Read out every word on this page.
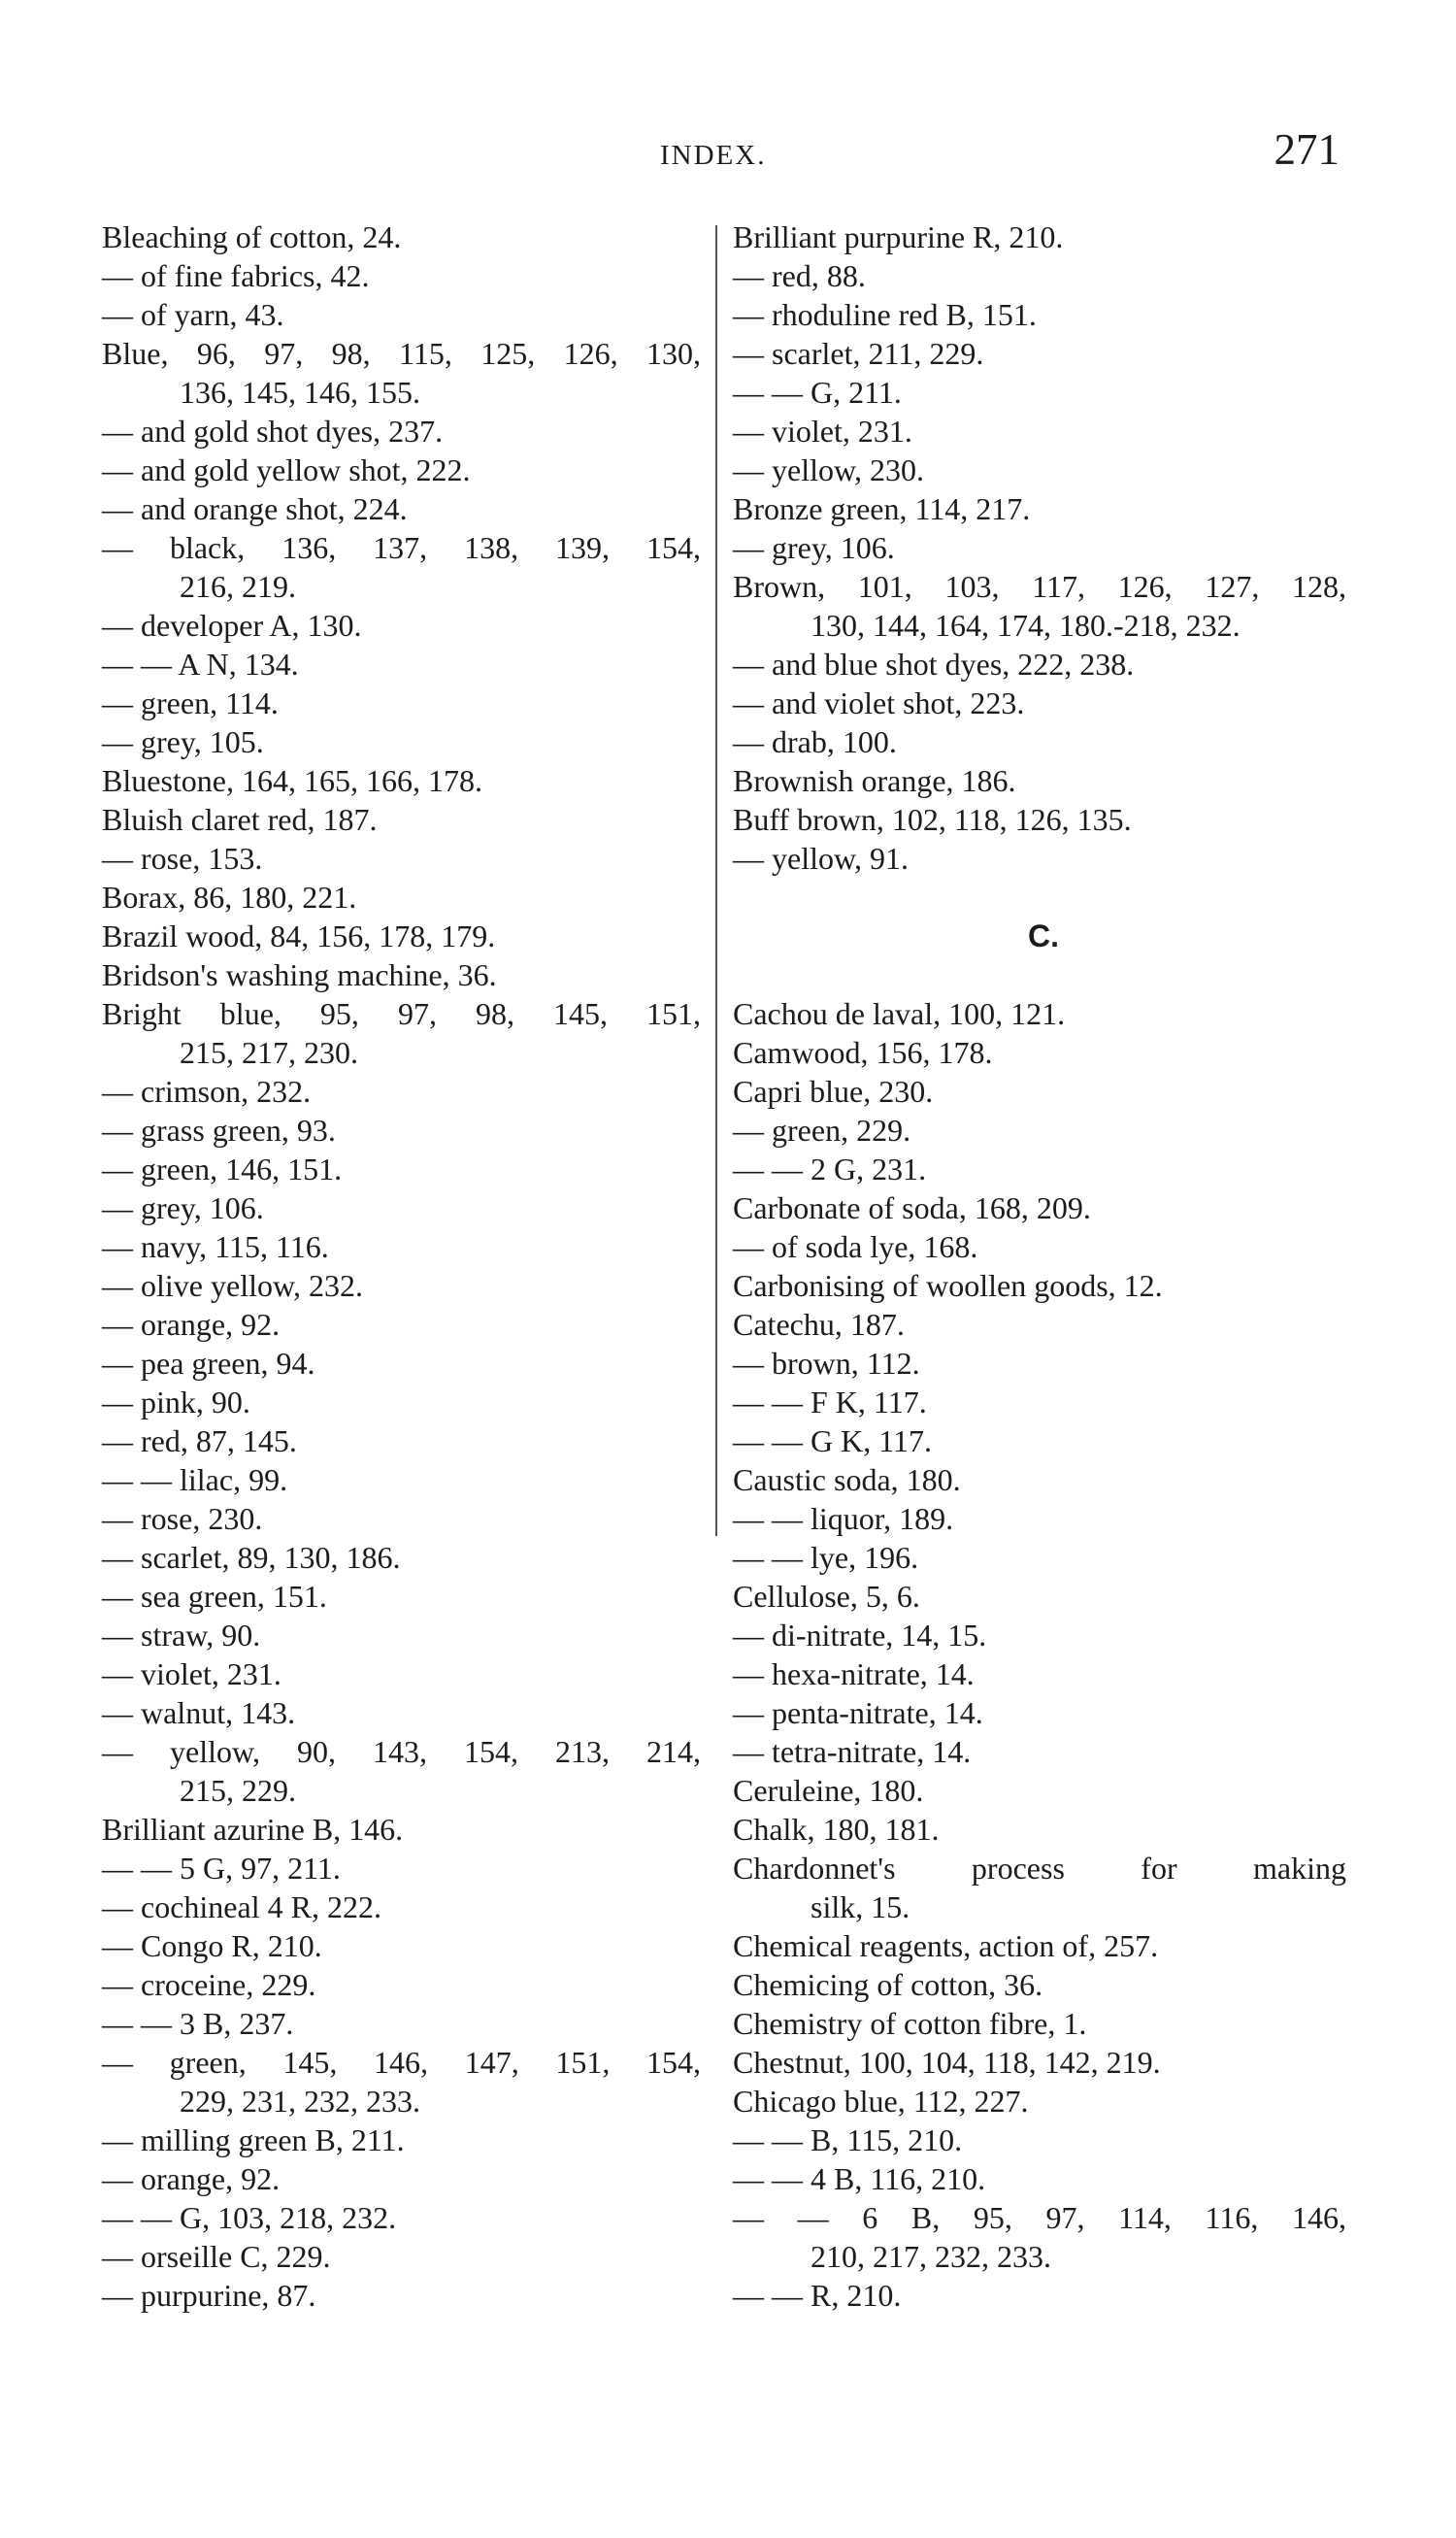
INDEX.	271
Bleaching of cotton, 24.
— of fine fabrics, 42.
— of yarn, 43.
Blue, 96, 97, 98, 115, 125, 126, 130,
136, 145, 146, 155.
— and gold shot dyes, 237.
— and gold yellow shot, 222.
— and orange shot, 224.
— black, 136, 137, 138, 139, 154,
216, 219.
— developer A, 130.
— — A N, 134.
— green, 114.
— grey, 105.
Bluestone, 164, 165, 166, 178.
Bluish claret red, 187.
— rose, 153.
Borax, 86, 180, 221.
Brazil wood, 84, 156, 178, 179.
Bridson's washing machine, 36.
Bright blue, 95, 97, 98, 145, 151,
215, 217, 230.
— crimson, 232.
— grass green, 93.
— green, 146, 151.
— grey, 106.
— navy, 115, 116.
— olive yellow, 232.
— orange, 92.
— pea green, 94.
— pink, 90.
— red, 87, 145.
— — lilac, 99.
— rose, 230.
— scarlet, 89, 130, 186.
— sea green, 151.
— straw, 90.
— violet, 231.
— walnut, 143.
— yellow, 90, 143, 154, 213, 214,
215, 229.
Brilliant azurine B, 146.
— — 5 G, 97, 211.
— cochineal 4 R, 222.
— Congo R, 210.
— croceine, 229.
— — 3 B, 237.
— green, 145, 146, 147, 151, 154,
229, 231, 232, 233.
— milling green B, 211.
— orange, 92.
— — G, 103, 218, 232.
— orseille C, 229.
— purpurine, 87.
Brilliant purpurine R, 210.
— red, 88.
— rhoduline red B, 151.
— scarlet, 211, 229.
— — G, 211.
— violet, 231.
— yellow, 230.
Bronze green, 114, 217.
— grey, 106.
Brown, 101, 103, 117, 126, 127, 128,
130, 144, 164, 174, 180.-218, 232.
— and blue shot dyes, 222, 238.
— and violet shot, 223.
— drab, 100.
Brownish orange, 186.
Buff brown, 102, 118, 126, 135.
— yellow, 91.
C.
Cachou de laval, 100, 121.
Camwood, 156, 178.
Capri blue, 230.
— green, 229.
— — 2 G, 231.
Carbonate of soda, 168, 209.
— of soda lye, 168.
Carbonising of woollen goods, 12.
Catechu, 187.
— brown, 112.
— — F K, 117.
— — G K, 117.
Caustic soda, 180.
— — liquor, 189.
— — lye, 196.
Cellulose, 5, 6.
— di-nitrate, 14, 15.
— hexa-nitrate, 14.
— penta-nitrate, 14.
— tetra-nitrate, 14.
Ceruleine, 180.
Chalk, 180, 181.
Chardonnet's process for making
silk, 15.
Chemical reagents, action of, 257.
Chemicing of cotton, 36.
Chemistry of cotton fibre, 1.
Chestnut, 100, 104, 118, 142, 219.
Chicago blue, 112, 227.
— — B, 115, 210.
— — 4 B, 116, 210.
— — 6 B, 95, 97, 114, 116, 146,
210, 217, 232, 233.
— — R, 210.
